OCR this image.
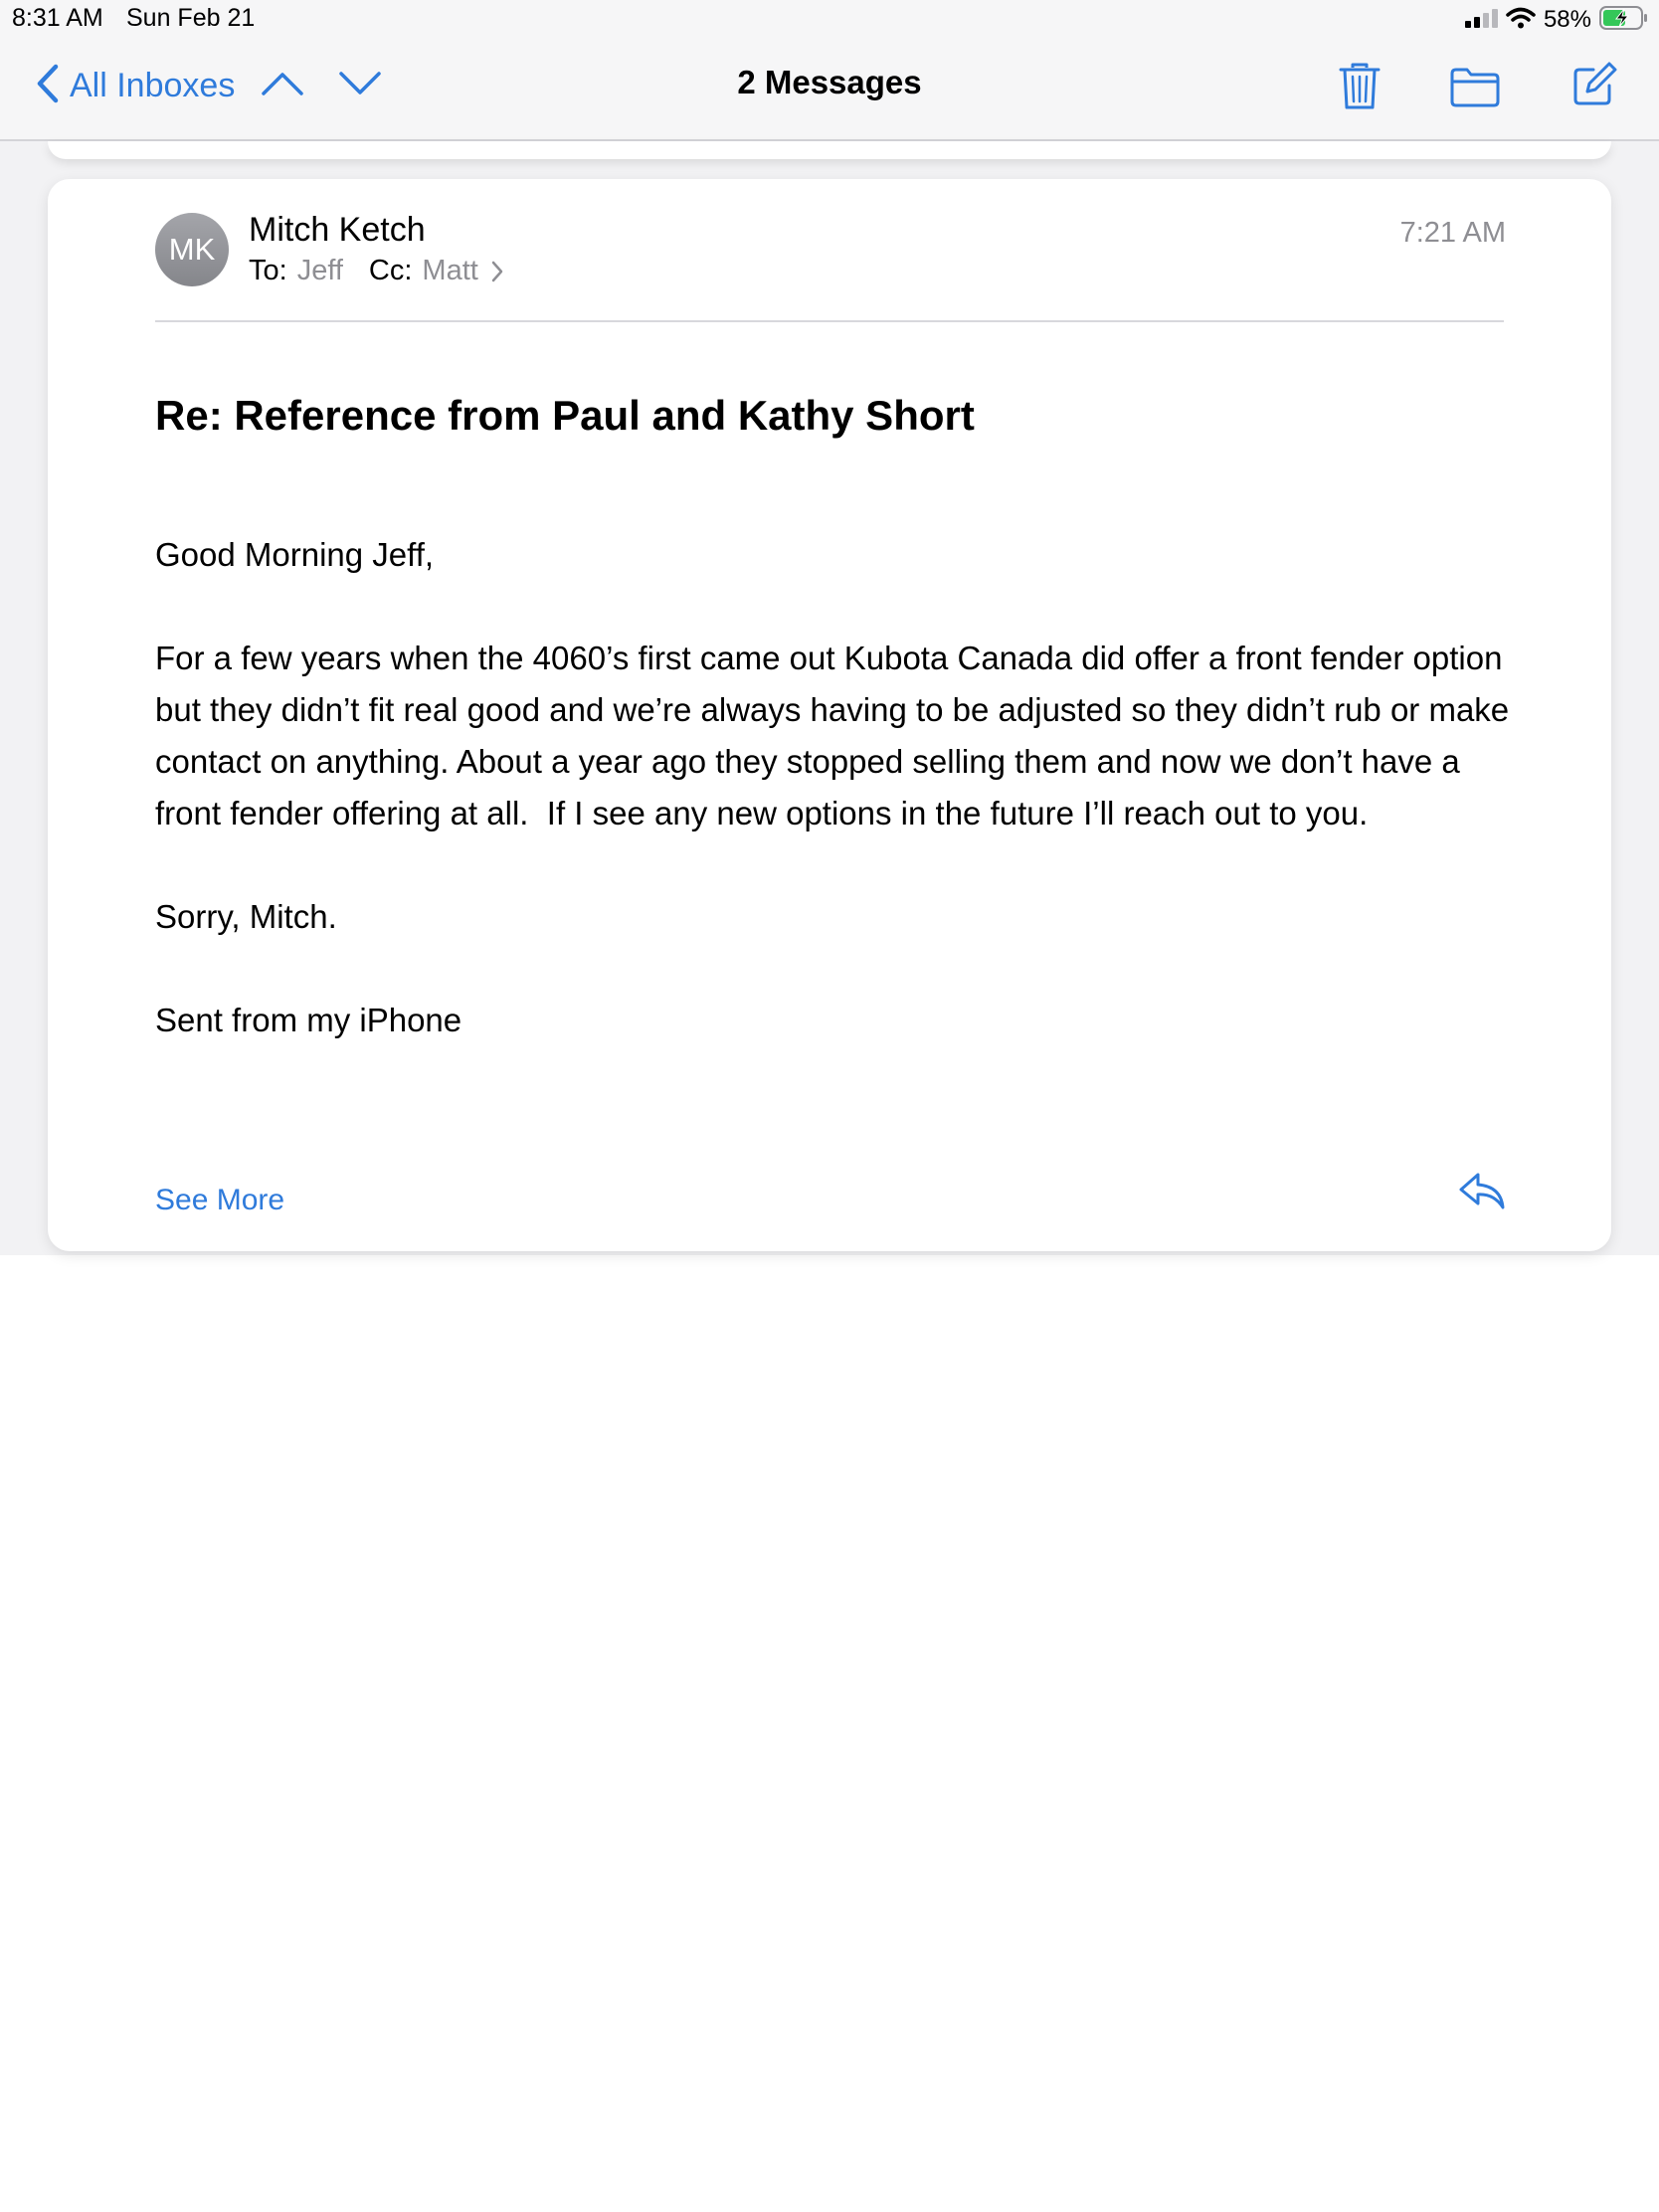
8:31 AM Sun Feb 21	58%
All Inboxes	2 Messages
MK
Mitch Ketch
To: Jeff Cc: Matt
7:21 AM
Re: Reference from Paul and Kathy Short

Good Morning Jeff,

For a few years when the 4060’s first came out Kubota Canada did offer a front fender option but they didn’t fit real good and we’re always having to be adjusted so they didn’t rub or make contact on anything. About a year ago they stopped selling them and now we don’t have a front fender offering at all.  If I see any new options in the future I’ll reach out to you.

Sorry, Mitch.

Sent from my iPhone

See More
